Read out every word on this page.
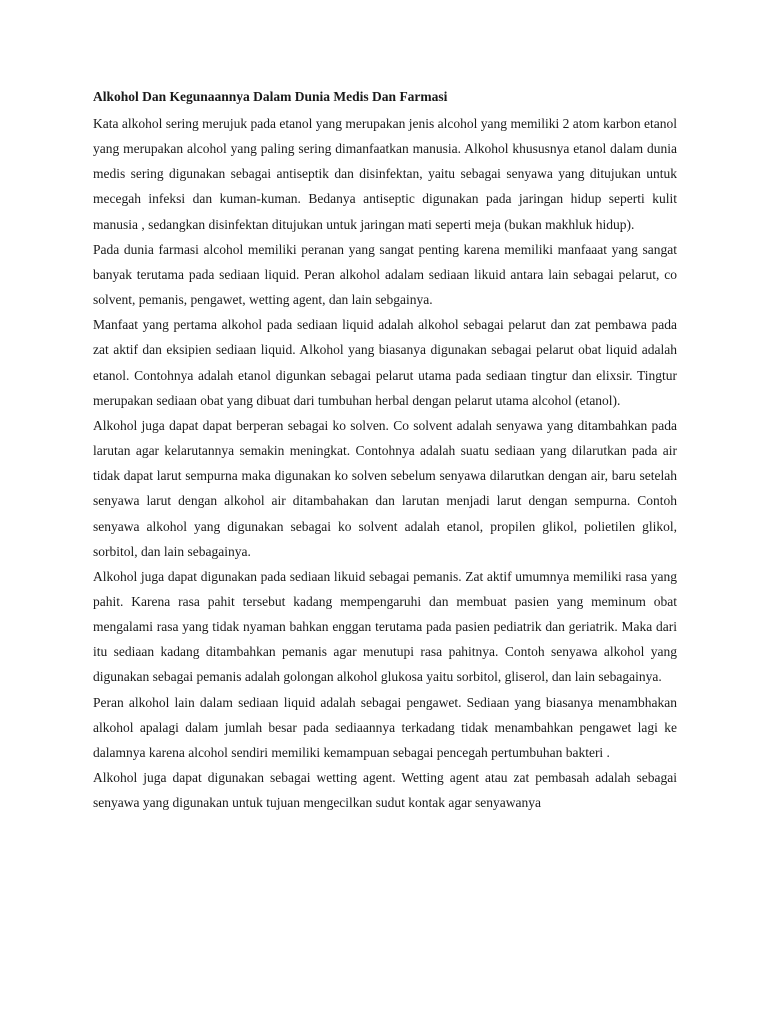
Alkohol Dan Kegunaannya Dalam Dunia Medis Dan Farmasi

Kata alkohol sering merujuk pada etanol yang merupakan jenis alcohol yang memiliki 2 atom karbon etanol yang merupakan alcohol yang paling sering dimanfaatkan manusia. Alkohol khususnya etanol dalam dunia medis sering digunakan sebagai antiseptik dan disinfektan, yaitu sebagai senyawa yang ditujukan untuk mecegah infeksi dan kuman-kuman. Bedanya antiseptic digunakan pada jaringan hidup seperti kulit manusia , sedangkan disinfektan ditujukan untuk jaringan mati seperti meja (bukan makhluk hidup).

Pada dunia farmasi alcohol memiliki peranan yang sangat penting karena memiliki manfaaat yang sangat banyak terutama pada sediaan liquid. Peran alkohol adalam sediaan likuid antara lain sebagai pelarut, co solvent, pemanis, pengawet, wetting agent, dan lain sebgainya.

Manfaat yang pertama alkohol pada sediaan liquid adalah alkohol sebagai pelarut dan zat pembawa pada zat aktif dan eksipien sediaan liquid. Alkohol yang biasanya digunakan sebagai pelarut obat liquid adalah etanol. Contohnya adalah etanol digunkan sebagai pelarut utama pada sediaan tingtur dan elixsir. Tingtur merupakan sediaan obat yang dibuat dari tumbuhan herbal dengan pelarut utama alcohol (etanol).

Alkohol juga dapat dapat berperan sebagai ko solven. Co solvent adalah senyawa yang ditambahkan pada larutan agar kelarutannya semakin meningkat. Contohnya adalah suatu sediaan yang dilarutkan pada air tidak dapat larut sempurna maka digunakan ko solven sebelum senyawa dilarutkan dengan air, baru setelah senyawa larut dengan alkohol air ditambahakan dan larutan menjadi larut dengan sempurna. Contoh senyawa alkohol yang digunakan sebagai ko solvent adalah etanol, propilen glikol, polietilen glikol, sorbitol, dan lain sebagainya.

Alkohol juga dapat digunakan pada sediaan likuid sebagai pemanis. Zat aktif umumnya memiliki rasa yang pahit. Karena rasa pahit tersebut kadang mempengaruhi dan membuat pasien yang meminum obat mengalami rasa yang tidak nyaman bahkan enggan terutama pada pasien pediatrik dan geriatrik. Maka dari itu sediaan kadang ditambahkan pemanis agar menutupi rasa pahitnya. Contoh senyawa alkohol yang digunakan sebagai pemanis adalah golongan alkohol glukosa yaitu sorbitol, gliserol, dan lain sebagainya.

Peran alkohol lain dalam sediaan liquid adalah sebagai pengawet. Sediaan yang biasanya menambhakan alkohol apalagi dalam jumlah besar pada sediaannya terkadang tidak menambahkan pengawet lagi ke dalamnya karena alcohol sendiri memiliki kemampuan sebagai pencegah pertumbuhan bakteri .

Alkohol juga dapat digunakan sebagai wetting agent. Wetting agent atau zat pembasah adalah sebagai senyawa yang digunakan untuk tujuan mengecilkan sudut kontak agar senyawanya
